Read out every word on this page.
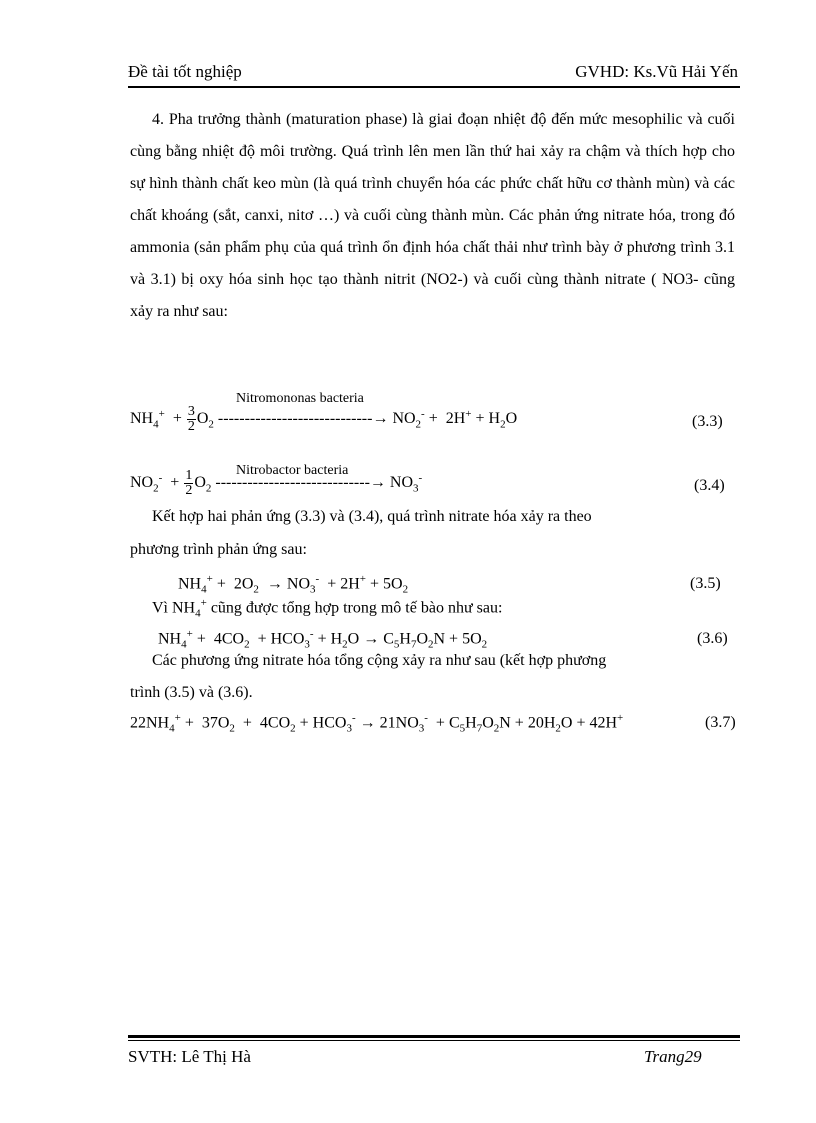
Đề tài tốt nghiệp	GVHD: Ks.Vũ Hải Yến

4. Pha trưởng thành (maturation phase) là giai đoạn nhiệt độ đến mức mesophilic và cuối cùng bằng nhiệt độ môi trường. Quá trình lên men lần thứ hai xảy ra chậm và thích hợp cho sự hình thành chất keo mùn (là quá trình chuyển hóa các phức chất hữu cơ thành mùn) và các chất khoáng (sắt, canxi, nitơ …) và cuối cùng thành mùn. Các phản ứng nitrate hóa, trong đó ammonia (sản phẩm phụ của quá trình ổn định hóa chất thải như trình bày ở phương trình 3.1 và 3.1) bị oxy hóa sinh học tạo thành nitrit (NO2-) và cuối cùng thành nitrate ( NO3- cũng xảy ra như sau:

Nitromononas bacteria
$NH_4^+ + \frac{3}{2} O_2$ -----------------------------→ $NO_2^- + 2H^+ + H_2O$	(3.3)
Nitrobactor bacteria
$NO_2^- + \frac{1}{2} O_2$ -----------------------------→ $NO_3^-$	(3.4)
Kết hợp hai phản ứng (3.3) và (3.4), quá trình nitrate hóa xảy ra theo
phương trình phản ứng sau:
$NH_4^+ + 2O_2 \to NO_3^- + 2H^+ + 5O_2$	(3.5)
Vì $NH_4^+$ cũng được tổng hợp trong mô tế bào như sau:
$NH_4^+ + 4CO_2 + HCO_3^- + H_2O \to C_5H_7O_2N + 5O_2$	(3.6)
Các phương ứng nitrate hóa tổng cộng xảy ra như sau (kết hợp phương
trình (3.5) và (3.6).
$22NH_4^+ + 37O_2 + 4CO_2 + HCO_3^- \to 21NO_3^- + C_5H_7O_2N + 20H_2O + 42H^+$	(3.7)
SVTH: Lê Thị Hà	Trang29
